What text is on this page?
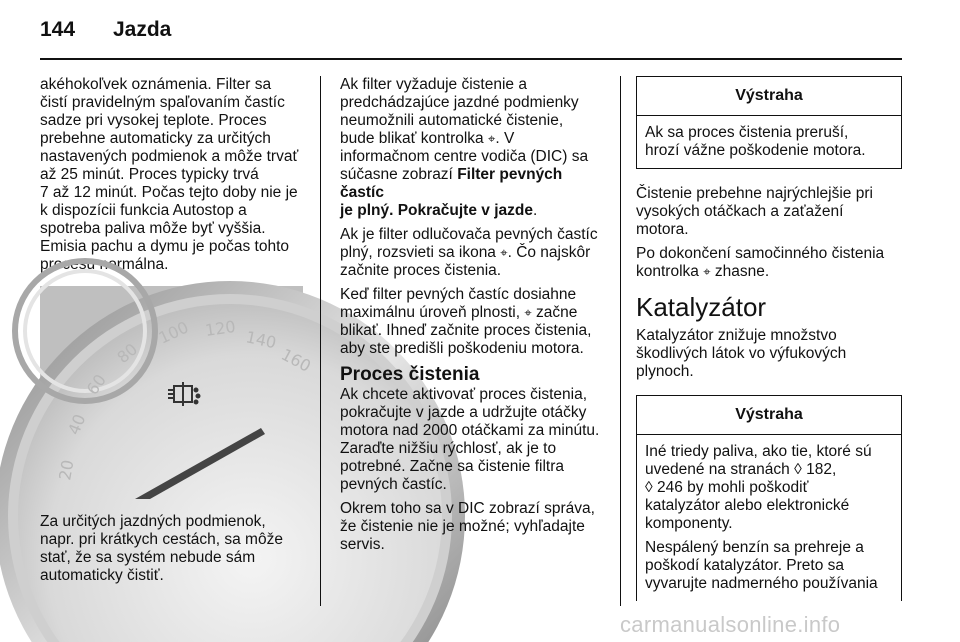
144 Jazda

akéhokoľvek oznámenia. Filter sa
čistí pravidelným spaľovaním častíc
sadze pri vysokej teplote. Proces
prebehne automaticky za určitých
nastavených podmienok a môže trvať
až 25 minút. Proces typicky trvá
7 až 12 minút. Počas tejto doby nie je
k dispozícii funkcia Autostop a
spotreba paliva môže byť vyššia.
Emisia pachu a dymu je počas tohto
procesu normálna.

20
40
60
80
100 120 140
160

Za určitých jazdných podmienok,
napr. pri krátkych cestách, sa môže
stať, že sa systém nebude sám
automaticky čistiť.

Ak filter vyžaduje čistenie a
predchádzajúce jazdné podmienky
neumožnili automatické čistenie,
bude blikať kontrolka ⌖. V
informačnom centre vodiča (DIC) sa
súčasne zobrazí Filter pevných častíc
je plný. Pokračujte v jazde.

Ak je filter odlučovača pevných častíc
plný, rozsvieti sa ikona ⌖. Čo najskôr
začnite proces čistenia.

Keď filter pevných častíc dosiahne
maximálnu úroveň plnosti, ⌖ začne
blikať. Ihneď začnite proces čistenia,
aby ste predišli poškodeniu motora.

Proces čistenia

Ak chcete aktivovať proces čistenia,
pokračujte v jazde a udržujte otáčky
motora nad 2000 otáčkami za minútu.
Zaraďte nižšiu rýchlosť, ak je to
potrebné. Začne sa čistenie filtra
pevných častíc.

Okrem toho sa v DIC zobrazí správa,
že čistenie nie je možné; vyhľadajte
servis.

Výstraha

Ak sa proces čistenia preruší,
hrozí vážne poškodenie motora.

Čistenie prebehne najrýchlejšie pri
vysokých otáčkach a zaťažení
motora.

Po dokončení samočinného čistenia
kontrolka ⌖ zhasne.

Katalyzátor

Katalyzátor znižuje množstvo
škodlivých látok vo výfukových
plynoch.

Výstraha

Iné triedy paliva, ako tie, ktoré sú
uvedené na stranách ◊ 182,
◊ 246 by mohli poškodiť
katalyzátor alebo elektronické
komponenty.

Nespálený benzín sa prehreje a
poškodí katalyzátor. Preto sa
vyvarujte nadmerného používania

carmanualsonline.info
